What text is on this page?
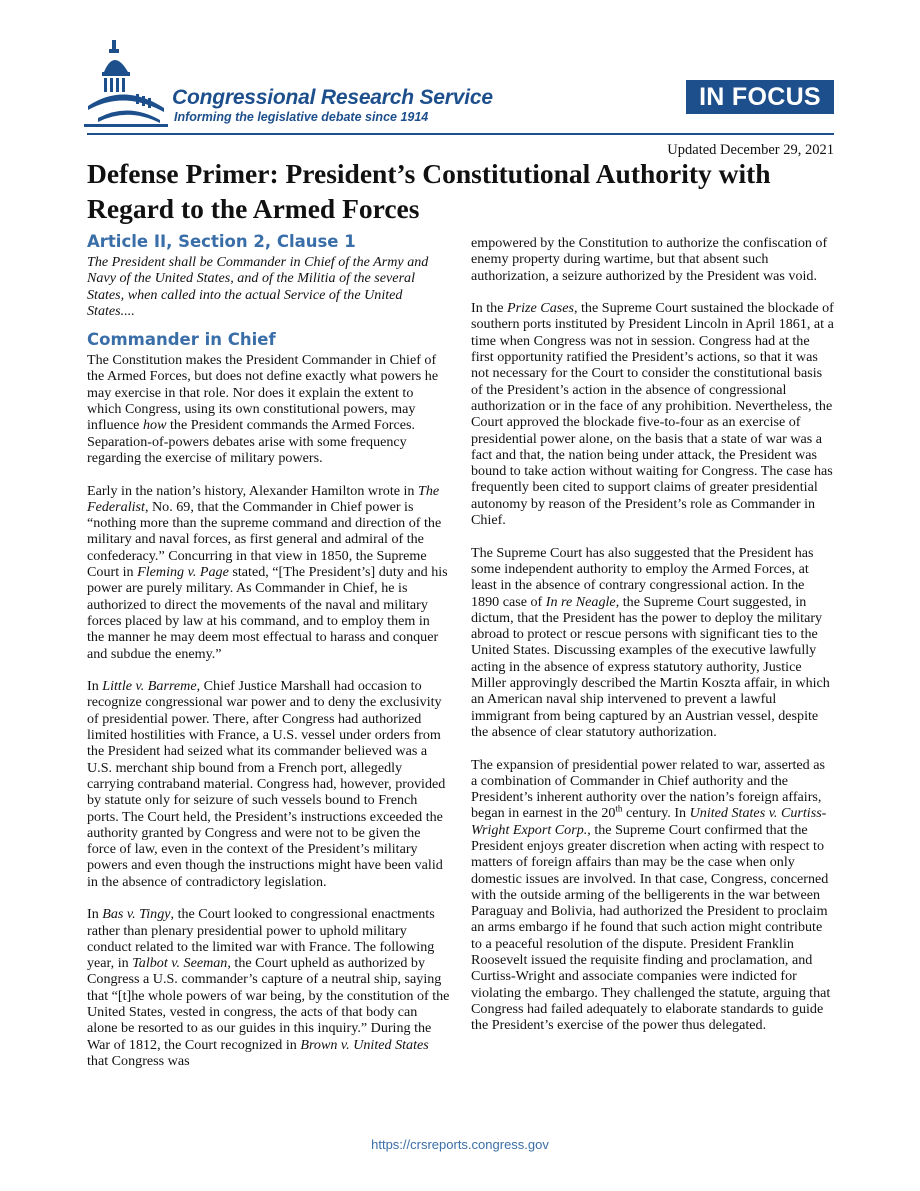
Congressional Research Service
Informing the legislative debate since 1914
IN FOCUS
Updated December 29, 2021
Defense Primer: President’s Constitutional Authority with Regard to the Armed Forces
Article II, Section 2, Clause 1

The President shall be Commander in Chief of the Army and Navy of the United States, and of the Militia of the several States, when called into the actual Service of the United States....

Commander in Chief

The Constitution makes the President Commander in Chief of the Armed Forces, but does not define exactly what powers he may exercise in that role. Nor does it explain the extent to which Congress, using its own constitutional powers, may influence how the President commands the Armed Forces. Separation-of-powers debates arise with some frequency regarding the exercise of military powers.

Early in the nation’s history, Alexander Hamilton wrote in The Federalist, No. 69, that the Commander in Chief power is “nothing more than the supreme command and direction of the military and naval forces, as first general and admiral of the confederacy.” Concurring in that view in 1850, the Supreme Court in Fleming v. Page stated, “[The President’s] duty and his power are purely military. As Commander in Chief, he is authorized to direct the movements of the naval and military forces placed by law at his command, and to employ them in the manner he may deem most effectual to harass and conquer and subdue the enemy.”

In Little v. Barreme, Chief Justice Marshall had occasion to recognize congressional war power and to deny the exclusivity of presidential power. There, after Congress had authorized limited hostilities with France, a U.S. vessel under orders from the President had seized what its commander believed was a U.S. merchant ship bound from a French port, allegedly carrying contraband material. Congress had, however, provided by statute only for seizure of such vessels bound to French ports. The Court held, the President’s instructions exceeded the authority granted by Congress and were not to be given the force of law, even in the context of the President’s military powers and even though the instructions might have been valid in the absence of contradictory legislation.

In Bas v. Tingy, the Court looked to congressional enactments rather than plenary presidential power to uphold military conduct related to the limited war with France. The following year, in Talbot v. Seeman, the Court upheld as authorized by Congress a U.S. commander’s capture of a neutral ship, saying that “[t]he whole powers of war being, by the constitution of the United States, vested in congress, the acts of that body can alone be resorted to as our guides in this inquiry.” During the War of 1812, the Court recognized in Brown v. United States that Congress was

empowered by the Constitution to authorize the confiscation of enemy property during wartime, but that absent such authorization, a seizure authorized by the President was void.

In the Prize Cases, the Supreme Court sustained the blockade of southern ports instituted by President Lincoln in April 1861, at a time when Congress was not in session. Congress had at the first opportunity ratified the President’s actions, so that it was not necessary for the Court to consider the constitutional basis of the President’s action in the absence of congressional authorization or in the face of any prohibition. Nevertheless, the Court approved the blockade five-to-four as an exercise of presidential power alone, on the basis that a state of war was a fact and that, the nation being under attack, the President was bound to take action without waiting for Congress. The case has frequently been cited to support claims of greater presidential autonomy by reason of the President’s role as Commander in Chief.

The Supreme Court has also suggested that the President has some independent authority to employ the Armed Forces, at least in the absence of contrary congressional action. In the 1890 case of In re Neagle, the Supreme Court suggested, in dictum, that the President has the power to deploy the military abroad to protect or rescue persons with significant ties to the United States. Discussing examples of the executive lawfully acting in the absence of express statutory authority, Justice Miller approvingly described the Martin Koszta affair, in which an American naval ship intervened to prevent a lawful immigrant from being captured by an Austrian vessel, despite the absence of clear statutory authorization.

The expansion of presidential power related to war, asserted as a combination of Commander in Chief authority and the President’s inherent authority over the nation’s foreign affairs, began in earnest in the 20th century. In United States v. Curtiss-Wright Export Corp., the Supreme Court confirmed that the President enjoys greater discretion when acting with respect to matters of foreign affairs than may be the case when only domestic issues are involved. In that case, Congress, concerned with the outside arming of the belligerents in the war between Paraguay and Bolivia, had authorized the President to proclaim an arms embargo if he found that such action might contribute to a peaceful resolution of the dispute. President Franklin Roosevelt issued the requisite finding and proclamation, and Curtiss-Wright and associate companies were indicted for violating the embargo. They challenged the statute, arguing that Congress had failed adequately to elaborate standards to guide the President’s exercise of the power thus delegated.

https://crsreports.congress.gov
